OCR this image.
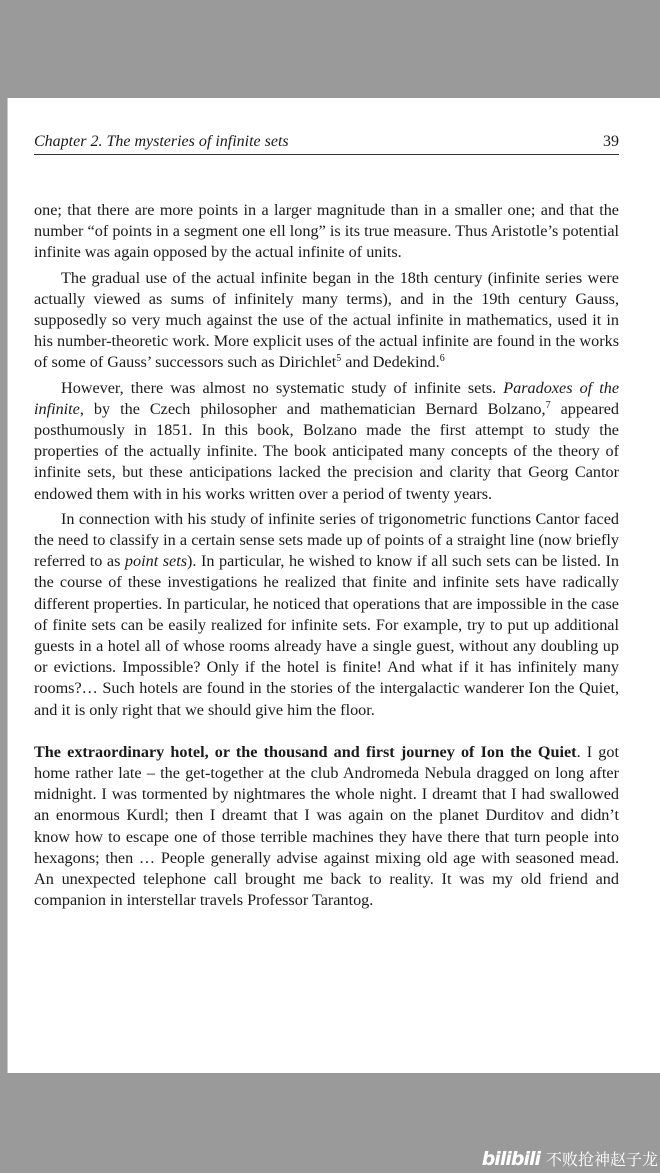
Chapter 2. The mysteries of infinite sets	39

one; that there are more points in a larger magnitude than in a smaller one; and that the number “of points in a segment one ell long” is its true measure. Thus Aristotle’s potential infinite was again opposed by the actual infinite of units.

The gradual use of the actual infinite began in the 18th century (infinite series were actually viewed as sums of infinitely many terms), and in the 19th century Gauss, supposedly so very much against the use of the actual infinite in mathematics, used it in his number-theoretic work. More explicit uses of the actual infinite are found in the works of some of Gauss’ successors such as Dirichlet$^5$ and Dedekind.$^6$

However, there was almost no systematic study of infinite sets. Paradoxes of the infinite, by the Czech philosopher and mathematician Bernard Bolzano,$^7$ appeared posthumously in 1851. In this book, Bolzano made the first attempt to study the properties of the actually infinite. The book anticipated many concepts of the theory of infinite sets, but these anticipations lacked the precision and clarity that Georg Cantor endowed them with in his works written over a period of twenty years.

In connection with his study of infinite series of trigonometric functions Cantor faced the need to classify in a certain sense sets made up of points of a straight line (now briefly referred to as point sets). In particular, he wished to know if all such sets can be listed. In the course of these investigations he realized that finite and infinite sets have radically different properties. In particular, he noticed that operations that are impossible in the case of finite sets can be easily realized for infinite sets. For example, try to put up additional guests in a hotel all of whose rooms already have a single guest, without any doubling up or evictions. Impossible? Only if the hotel is finite! And what if it has infinitely many rooms?… Such hotels are found in the stories of the intergalactic wanderer Ion the Quiet, and it is only right that we should give him the floor.

The extraordinary hotel, or the thousand and first journey of Ion the Quiet. I got home rather late – the get-together at the club Andromeda Nebula dragged on long after midnight. I was tormented by nightmares the whole night. I dreamt that I had swallowed an enormous Kurdl; then I dreamt that I was again on the planet Durditov and didn’t know how to escape one of those terrible machines they have there that turn people into hexagons; then … People generally advise against mixing old age with seasoned mead. An unexpected telephone call brought me back to reality. It was my old friend and companion in interstellar travels Professor Tarantog.

bilibili 不败抢神赵子龙
